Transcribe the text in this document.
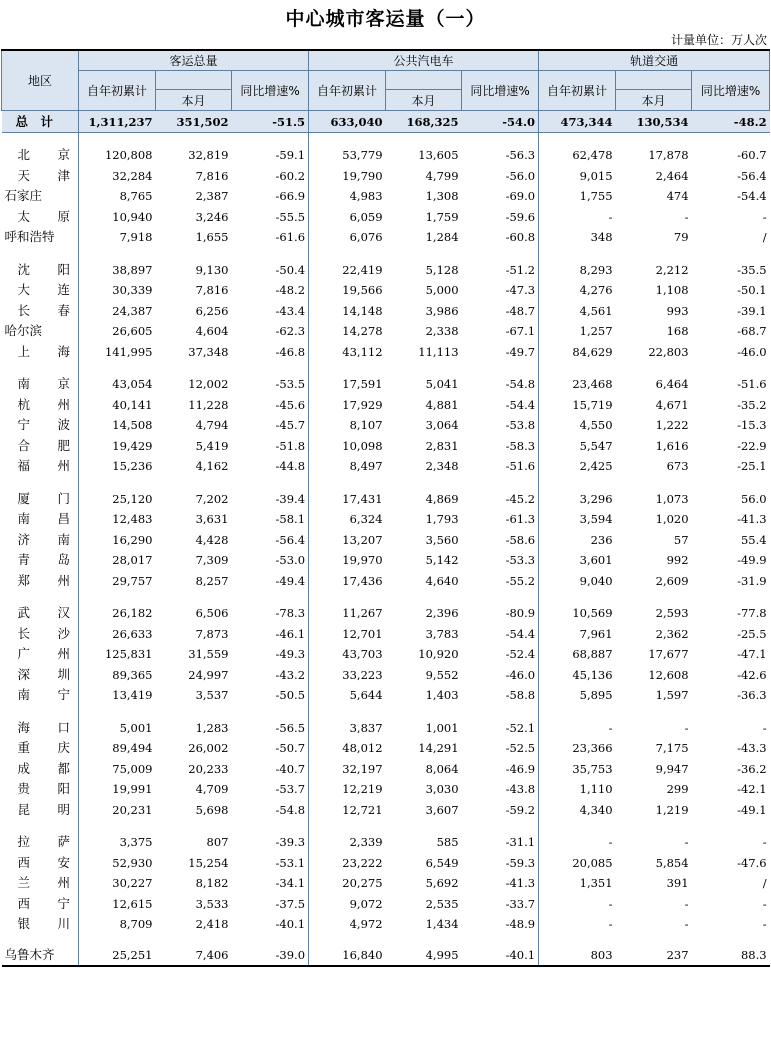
中心城市客运量（一）
计量单位：万人次
地区	客运总量			公共汽电车			轨道交通		
	自年初累计		同比增速%	自年初累计		同比增速%	自年初累计		同比增速%
		本月			本月			本月	
总　计	1,311,237	351,502	-51.5	633,040	168,325	-54.0	473,344	130,534	-48.2

北京	120,808	32,819	-59.1	53,779	13,605	-56.3	62,478	17,878	-60.7
天津	32,284	7,816	-60.2	19,790	4,799	-56.0	9,015	2,464	-56.4
石家庄	8,765	2,387	-66.9	4,983	1,308	-69.0	1,755	474	-54.4
太原	10,940	3,246	-55.5	6,059	1,759	-59.6	-	-	-
呼和浩特	7,918	1,655	-61.6	6,076	1,284	-60.8	348	79	/

沈阳	38,897	9,130	-50.4	22,419	5,128	-51.2	8,293	2,212	-35.5
大连	30,339	7,816	-48.2	19,566	5,000	-47.3	4,276	1,108	-50.1
长春	24,387	6,256	-43.4	14,148	3,986	-48.7	4,561	993	-39.1
哈尔滨	26,605	4,604	-62.3	14,278	2,338	-67.1	1,257	168	-68.7
上海	141,995	37,348	-46.8	43,112	11,113	-49.7	84,629	22,803	-46.0

南京	43,054	12,002	-53.5	17,591	5,041	-54.8	23,468	6,464	-51.6
杭州	40,141	11,228	-45.6	17,929	4,881	-54.4	15,719	4,671	-35.2
宁波	14,508	4,794	-45.7	8,107	3,064	-53.8	4,550	1,222	-15.3
合肥	19,429	5,419	-51.8	10,098	2,831	-58.3	5,547	1,616	-22.9
福州	15,236	4,162	-44.8	8,497	2,348	-51.6	2,425	673	-25.1

厦门	25,120	7,202	-39.4	17,431	4,869	-45.2	3,296	1,073	56.0
南昌	12,483	3,631	-58.1	6,324	1,793	-61.3	3,594	1,020	-41.3
济南	16,290	4,428	-56.4	13,207	3,560	-58.6	236	57	55.4
青岛	28,017	7,309	-53.0	19,970	5,142	-53.3	3,601	992	-49.9
郑州	29,757	8,257	-49.4	17,436	4,640	-55.2	9,040	2,609	-31.9

武汉	26,182	6,506	-78.3	11,267	2,396	-80.9	10,569	2,593	-77.8
长沙	26,633	7,873	-46.1	12,701	3,783	-54.4	7,961	2,362	-25.5
广州	125,831	31,559	-49.3	43,703	10,920	-52.4	68,887	17,677	-47.1
深圳	89,365	24,997	-43.2	33,223	9,552	-46.0	45,136	12,608	-42.6
南宁	13,419	3,537	-50.5	5,644	1,403	-58.8	5,895	1,597	-36.3

海口	5,001	1,283	-56.5	3,837	1,001	-52.1	-	-	-
重庆	89,494	26,002	-50.7	48,012	14,291	-52.5	23,366	7,175	-43.3
成都	75,009	20,233	-40.7	32,197	8,064	-46.9	35,753	9,947	-36.2
贵阳	19,991	4,709	-53.7	12,219	3,030	-43.8	1,110	299	-42.1
昆明	20,231	5,698	-54.8	12,721	3,607	-59.2	4,340	1,219	-49.1

拉萨	3,375	807	-39.3	2,339	585	-31.1	-	-	-
西安	52,930	15,254	-53.1	23,222	6,549	-59.3	20,085	5,854	-47.6
兰州	30,227	8,182	-34.1	20,275	5,692	-41.3	1,351	391	/
西宁	12,615	3,533	-37.5	9,072	2,535	-33.7	-	-	-
银川	8,709	2,418	-40.1	4,972	1,434	-48.9	-	-	-

乌鲁木齐	25,251	7,406	-39.0	16,840	4,995	-40.1	803	237	88.3
